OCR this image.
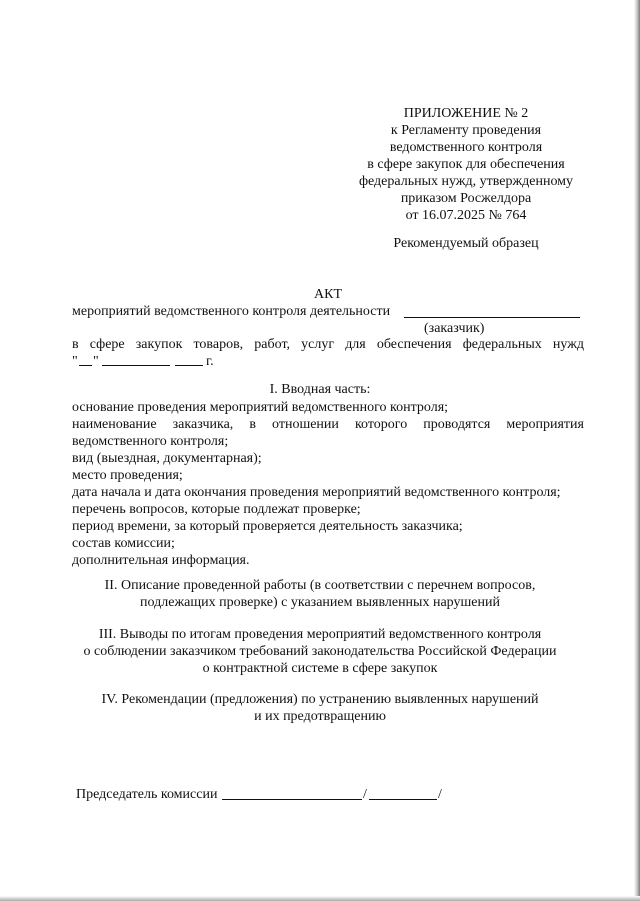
ПРИЛОЖЕНИЕ № 2
к Регламенту проведения
ведомственного контроля
в сфере закупок для обеспечения
федеральных нужд, утвержденному
приказом Росжелдора
от 16.07.2025 № 764
Рекомендуемый образец
АКТ
мероприятий ведомственного контроля деятельности
(заказчик)
в сфере закупок товаров, работ, услуг для обеспечения федеральных нужд
" "	г.
I. Вводная часть:
основание проведения мероприятий ведомственного контроля;
наименование заказчика, в отношении которого проводятся мероприятия
ведомственного контроля;
вид (выездная, документарная);
место проведения;
дата начала и дата окончания проведения мероприятий ведомственного контроля;
перечень вопросов, которые подлежат проверке;
период времени, за который проверяется деятельность заказчика;
состав комиссии;
дополнительная информация.
II. Описание проведенной работы (в соответствии с перечнем вопросов,
подлежащих проверке) с указанием выявленных нарушений
III. Выводы по итогам проведения мероприятий ведомственного контроля
о соблюдении заказчиком требований законодательства Российской Федерации
о контрактной системе в сфере закупок
IV. Рекомендации (предложения) по устранению выявленных нарушений
и их предотвращению
Председатель комиссии	/	/
